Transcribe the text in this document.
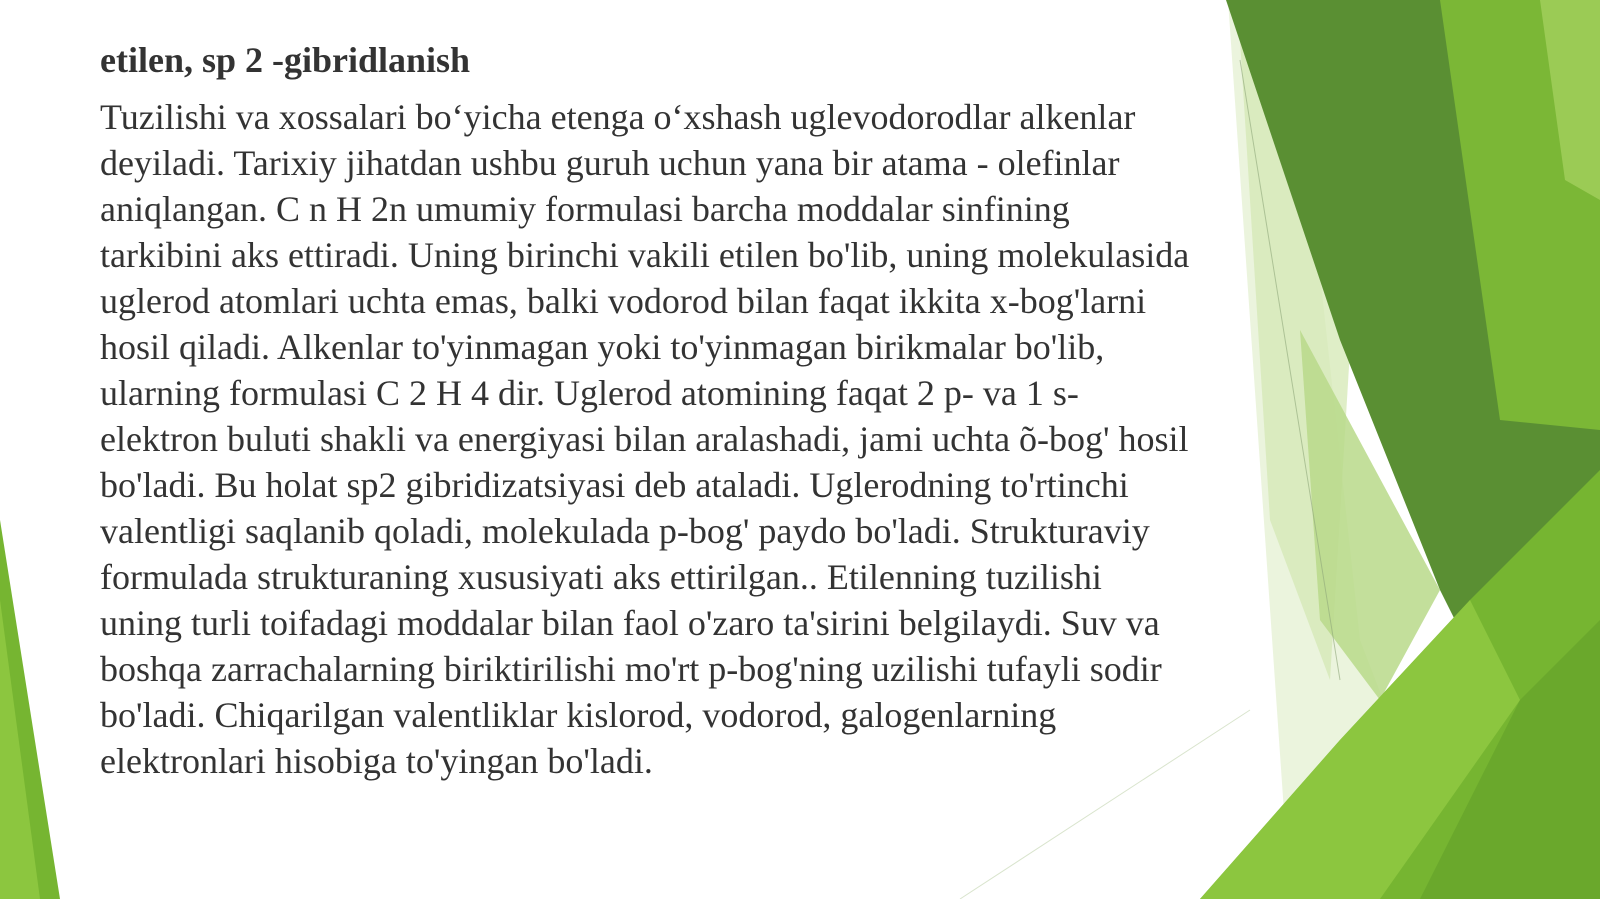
etilen, sp 2 -gibridlanish

Tuzilishi va xossalari bo‘yicha etenga o‘xshash uglevodorodlar alkenlar
deyiladi. Tarixiy jihatdan ushbu guruh uchun yana bir atama - olefinlar
aniqlangan. C n H 2n umumiy formulasi barcha moddalar sinfining
tarkibini aks ettiradi. Uning birinchi vakili etilen bo'lib, uning molekulasida
uglerod atomlari uchta emas, balki vodorod bilan faqat ikkita x-bog'larni
hosil qiladi. Alkenlar to'yinmagan yoki to'yinmagan birikmalar bo'lib,
ularning formulasi C 2 H 4 dir. Uglerod atomining faqat 2 p- va 1 s-
elektron buluti shakli va energiyasi bilan aralashadi, jami uchta õ-bog' hosil
bo'ladi. Bu holat sp2 gibridizatsiyasi deb ataladi. Uglerodning to'rtinchi
valentligi saqlanib qoladi, molekulada p-bog' paydo bo'ladi. Strukturaviy
formulada strukturaning xususiyati aks ettirilgan.. Etilenning tuzilishi
uning turli toifadagi moddalar bilan faol o'zaro ta'sirini belgilaydi. Suv va
boshqa zarrachalarning biriktirilishi mo'rt p-bog'ning uzilishi tufayli sodir
bo'ladi. Chiqarilgan valentliklar kislorod, vodorod, galogenlarning
elektronlari hisobiga to'yingan bo'ladi.
